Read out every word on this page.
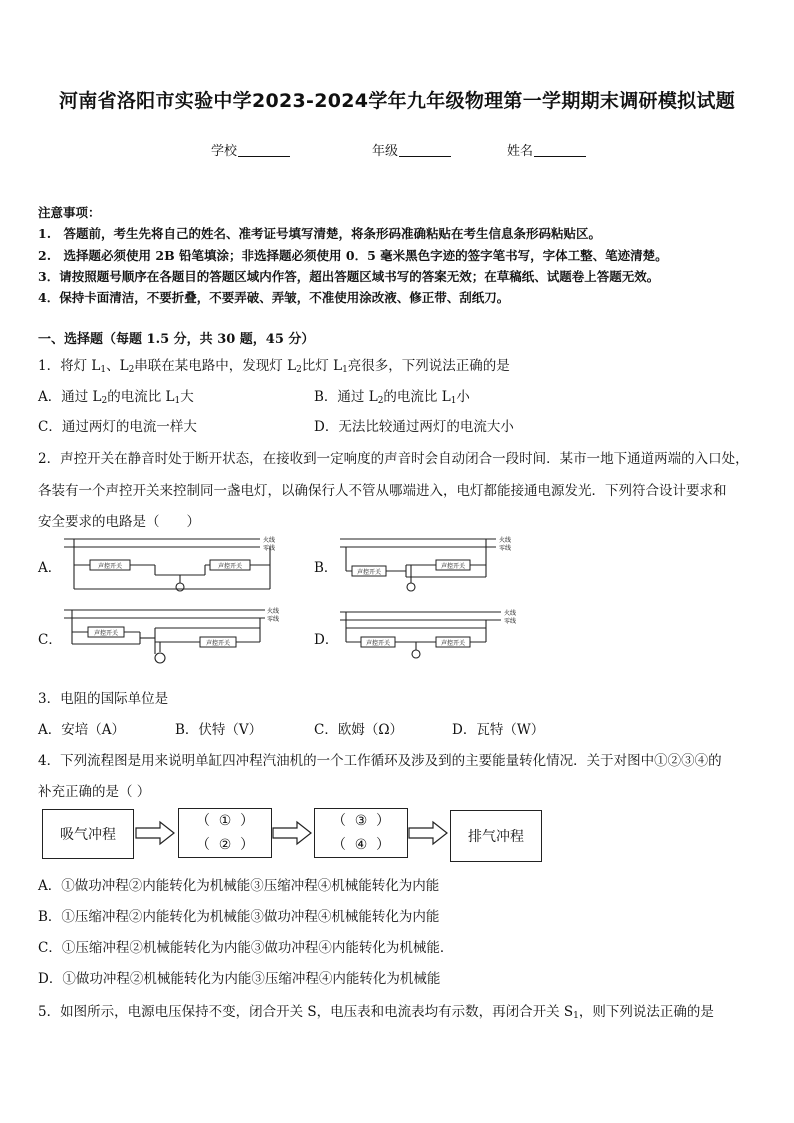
河南省洛阳市实验中学2023-2024学年九年级物理第一学期期末调研模拟试题
学校	年级	姓名
注意事项：
1.　答题前，考生先将自己的姓名、准考证号填写清楚，将条形码准确粘贴在考生信息条形码粘贴区。
2.　选择题必须使用 2B 铅笔填涂；非选择题必须使用 0．5 毫米黑色字迹的签字笔书写，字体工整、笔迹清楚。
3．请按照题号顺序在各题目的答题区域内作答，超出答题区域书写的答案无效；在草稿纸、试题卷上答题无效。
4．保持卡面清洁，不要折叠，不要弄破、弄皱，不准使用涂改液、修正带、刮纸刀。
一、选择题（每题 1.5 分，共 30 题，45 分）
1．将灯 $L_1$、$L_2$串联在某电路中，发现灯 $L_2$比灯 $L_1$亮很多，下列说法正确的是
A．通过 $L_2$的电流比 $L_1$大	B．通过 $L_2$的电流比 $L_1$小
C．通过两灯的电流一样大	D．无法比较通过两灯的电流大小
2．声控开关在静音时处于断开状态，在接收到一定响度的声音时会自动闭合一段时间．某市一地下通道两端的入口处，
各装有一个声控开关来控制同一盏电灯，以确保行人不管从哪端进入，电灯都能接通电源发光．下列符合设计要求和
安全要求的电路是（　　）
A．	B．
C．	D．
声控开关	声控开关
火线
零线
声控开关
声控开关
火线
零线
声控开关
声控开关
火线
零线
声控开关	声控开关
火线
零线
3．电阻的国际单位是
A．安培（A）	B．伏特（V）	C．欧姆（Ω）	D．瓦特（W）
4．下列流程图是用来说明单缸四冲程汽油机的一个工作循环及涉及到的主要能量转化情况．关于对图中①②③④的
补充正确的是（ ）
吸气冲程
（ ① ）
（ ② ）
（ ③ ）
（ ④ ）	排气冲程
A．①做功冲程②内能转化为机械能③压缩冲程④机械能转化为内能
B．①压缩冲程②内能转化为机械能③做功冲程④机械能转化为内能
C．①压缩冲程②机械能转化为内能③做功冲程④内能转化为机械能．
D．①做功冲程②机械能转化为内能③压缩冲程④内能转化为机械能
5．如图所示，电源电压保持不变，闭合开关 S，电压表和电流表均有示数，再闭合开关 $S_1$，则下列说法正确的是
